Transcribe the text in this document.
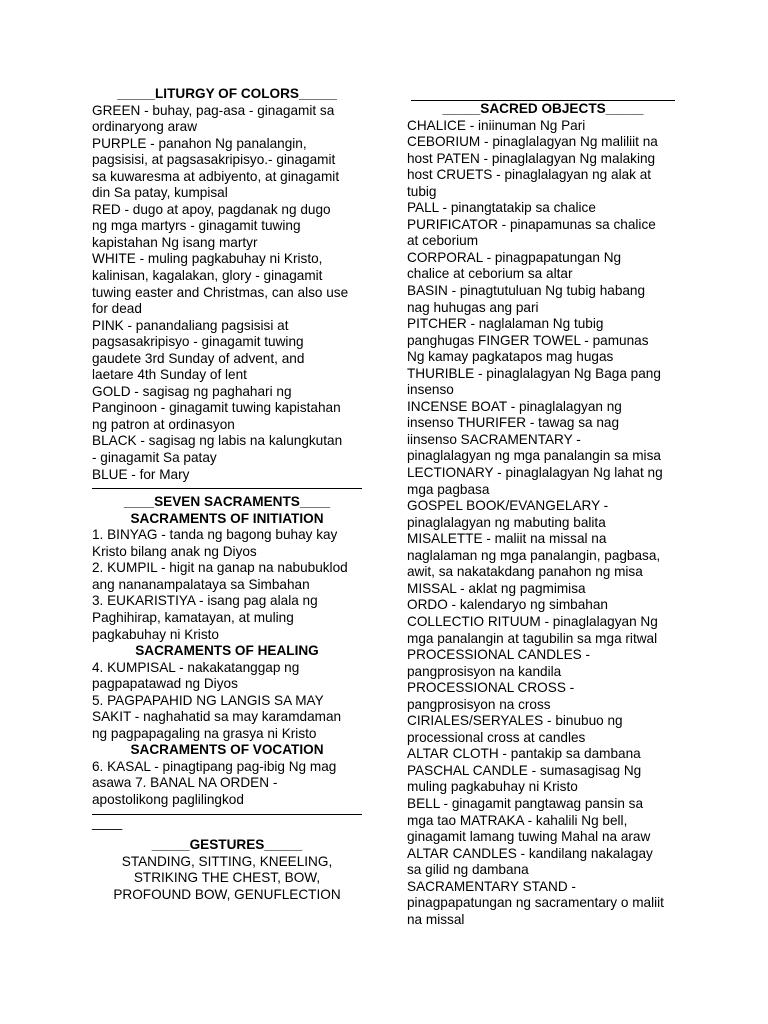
_____LITURGY OF COLORS_____
GREEN - buhay, pag-asa - ginagamit sa
ordinaryong araw
PURPLE - panahon Ng panalangin,
pagsisisi, at pagsasakripisyo.- ginagamit
sa kuwaresma at adbiyento, at ginagamit
din Sa patay, kumpisal
RED - dugo at apoy, pagdanak ng dugo
ng mga martyrs - ginagamit tuwing
kapistahan Ng isang martyr
WHITE - muling pagkabuhay ni Kristo,
kalinisan, kagalakan, glory - ginagamit
tuwing easter and Christmas, can also use
for dead
PINK - panandaliang pagsisisi at
pagsasakripisyo - ginagamit tuwing
gaudete 3rd Sunday of advent, and
laetare 4th Sunday of lent
GOLD - sagisag ng paghahari ng
Panginoon - ginagamit tuwing kapistahan
ng patron at ordinasyon
BLACK - sagisag ng labis na kalungkutan
- ginagamit Sa patay
BLUE - for Mary
____SEVEN SACRAMENTS____
SACRAMENTS OF INITIATION
1. BINYAG - tanda ng bagong buhay kay
Kristo bilang anak ng Diyos
2. KUMPIL - higit na ganap na nabubuklod
ang nananampalataya sa Simbahan
3. EUKARISTIYA - isang pag alala ng
Paghihirap, kamatayan, at muling
pagkabuhay ni Kristo
SACRAMENTS OF HEALING
4. KUMPISAL - nakakatanggap ng
pagpapatawad ng Diyos
5. PAGPAPAHID NG LANGIS SA MAY
SAKIT - naghahatid sa may karamdaman
ng pagpapagaling na grasya ni Kristo
SACRAMENTS OF VOCATION
6. KASAL - pinagtipang pag-ibig Ng mag
asawa 7. BANAL NA ORDEN -
apostolikong paglilingkod
____
_____GESTURES_____
STANDING, SITTING, KNEELING,
STRIKING THE CHEST, BOW,
PROFOUND BOW, GENUFLECTION
_____SACRED OBJECTS_____
CHALICE - iniinuman Ng Pari
CEBORIUM - pinaglalagyan Ng maliliit na
host PATEN - pinaglalagyan Ng malaking
host CRUETS - pinaglalagyan ng alak at
tubig
PALL - pinangtatakip sa chalice
PURIFICATOR - pinapamunas sa chalice
at ceborium
CORPORAL - pinagpapatungan Ng
chalice at ceborium sa altar
BASIN - pinagtutuluan Ng tubig habang
nag huhugas ang pari
PITCHER - naglalaman Ng tubig
panghugas FINGER TOWEL - pamunas
Ng kamay pagkatapos mag hugas
THURIBLE - pinaglalagyan Ng Baga pang
insenso
INCENSE BOAT - pinaglalagyan ng
insenso THURIFER - tawag sa nag
iinsenso SACRAMENTARY -
pinaglalagyan ng mga panalangin sa misa
LECTIONARY - pinaglalagyan Ng lahat ng
mga pagbasa
GOSPEL BOOK/EVANGELARY -
pinaglalagyan ng mabuting balita
MISALETTE - maliit na missal na
naglalaman ng mga panalangin, pagbasa,
awit, sa nakatakdang panahon ng misa
MISSAL - aklat ng pagmimisa
ORDO - kalendaryo ng simbahan
COLLECTIO RITUUM - pinaglalagyan Ng
mga panalangin at tagubilin sa mga ritwal
PROCESSIONAL CANDLES -
pangprosisyon na kandila
PROCESSIONAL CROSS -
pangprosisyon na cross
CIRIALES/SERYALES - binubuo ng
processional cross at candles
ALTAR CLOTH - pantakip sa dambana
PASCHAL CANDLE - sumasagisag Ng
muling pagkabuhay ni Kristo
BELL - ginagamit pangtawag pansin sa
mga tao MATRAKA - kahalili Ng bell,
ginagamit lamang tuwing Mahal na araw
ALTAR CANDLES - kandilang nakalagay
sa gilid ng dambana
SACRAMENTARY STAND -
pinagpapatungan ng sacramentary o maliit
na missal
